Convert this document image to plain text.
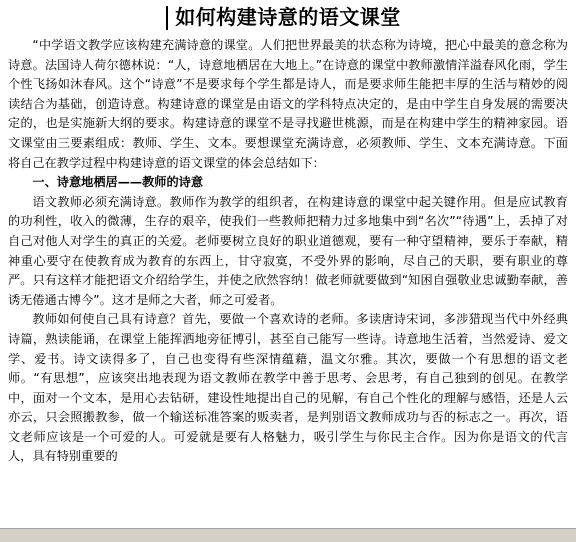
如何构建诗意的语文课堂

“中学语文教学应该构建充满诗意的课堂。人们把世界最美的状态称为诗境，把心中最美的意念称为诗意。法国诗人荷尔德林说：“人，诗意地栖居在大地上。”在诗意的课堂中教师激情洋溢春风化雨，学生个性飞扬如沐春风。这个“诗意”不是要求每个学生都是诗人，而是要求师生能把丰厚的生活与精妙的阅读结合为基础，创造诗意。构建诗意的课堂是由语文的学科特点决定的，是由中学生自身发展的需要决定的，也是实施新大纲的要求。构建诗意的课堂不是寻找避世桃源，而是在构建中学生的精神家园。语文课堂由三要素组成：教师、学生、文本。要想课堂充满诗意，必须教师、学生、文本充满诗意。下面将自己在教学过程中构建诗意的语文课堂的体会总结如下：

一、诗意地栖居——教师的诗意

语文教师必须充满诗意。教师作为教学的组织者，在构建诗意的课堂中起关键作用。但是应试教育的功利性，收入的微薄，生存的艰辛，使我们一些教师把精力过多地集中到“名次”“待遇”上，丢掉了对自己对他人对学生的真正的关爱。老师要树立良好的职业道德观，要有一种守望精神，要乐于奉献，精神重心要守在使教育成为教育的东西上，甘守寂寞，不受外界的影响，尽自己的天职，要有职业的尊严。只有这样才能把语文介绍给学生，并使之欣然容纳！做老师就要做到“知困自强敬业忠诚勤奉献，善诱无倦通古博今”。这才是师之大者，师之可爱者。

教师如何使自己具有诗意？首先，要做一个喜欢诗的老师。多读唐诗宋词，多涉猎现当代中外经典诗篇，熟读能诵，在课堂上能挥洒地旁征博引，甚至自己能写一些诗。诗意地生活着，当然爱诗、爱文学、爱书。诗文读得多了，自己也变得有些深情蕴藉，温文尔雅。其次，要做一个有思想的语文老师。“有思想”，应该突出地表现为语文教师在教学中善于思考、会思考，有自己独到的创见。在教学中，面对一个文本，是用心去钻研，建设性地提出自己的见解，有自己个性化的理解与感悟，还是人云亦云，只会照搬教参，做一个输送标准答案的贩卖者，是判别语文教师成功与否的标志之一。再次，语文老师应该是一个可爱的人。可爱就是要有人格魅力，吸引学生与你民主合作。因为你是语文的代言人，具有特别重要的
